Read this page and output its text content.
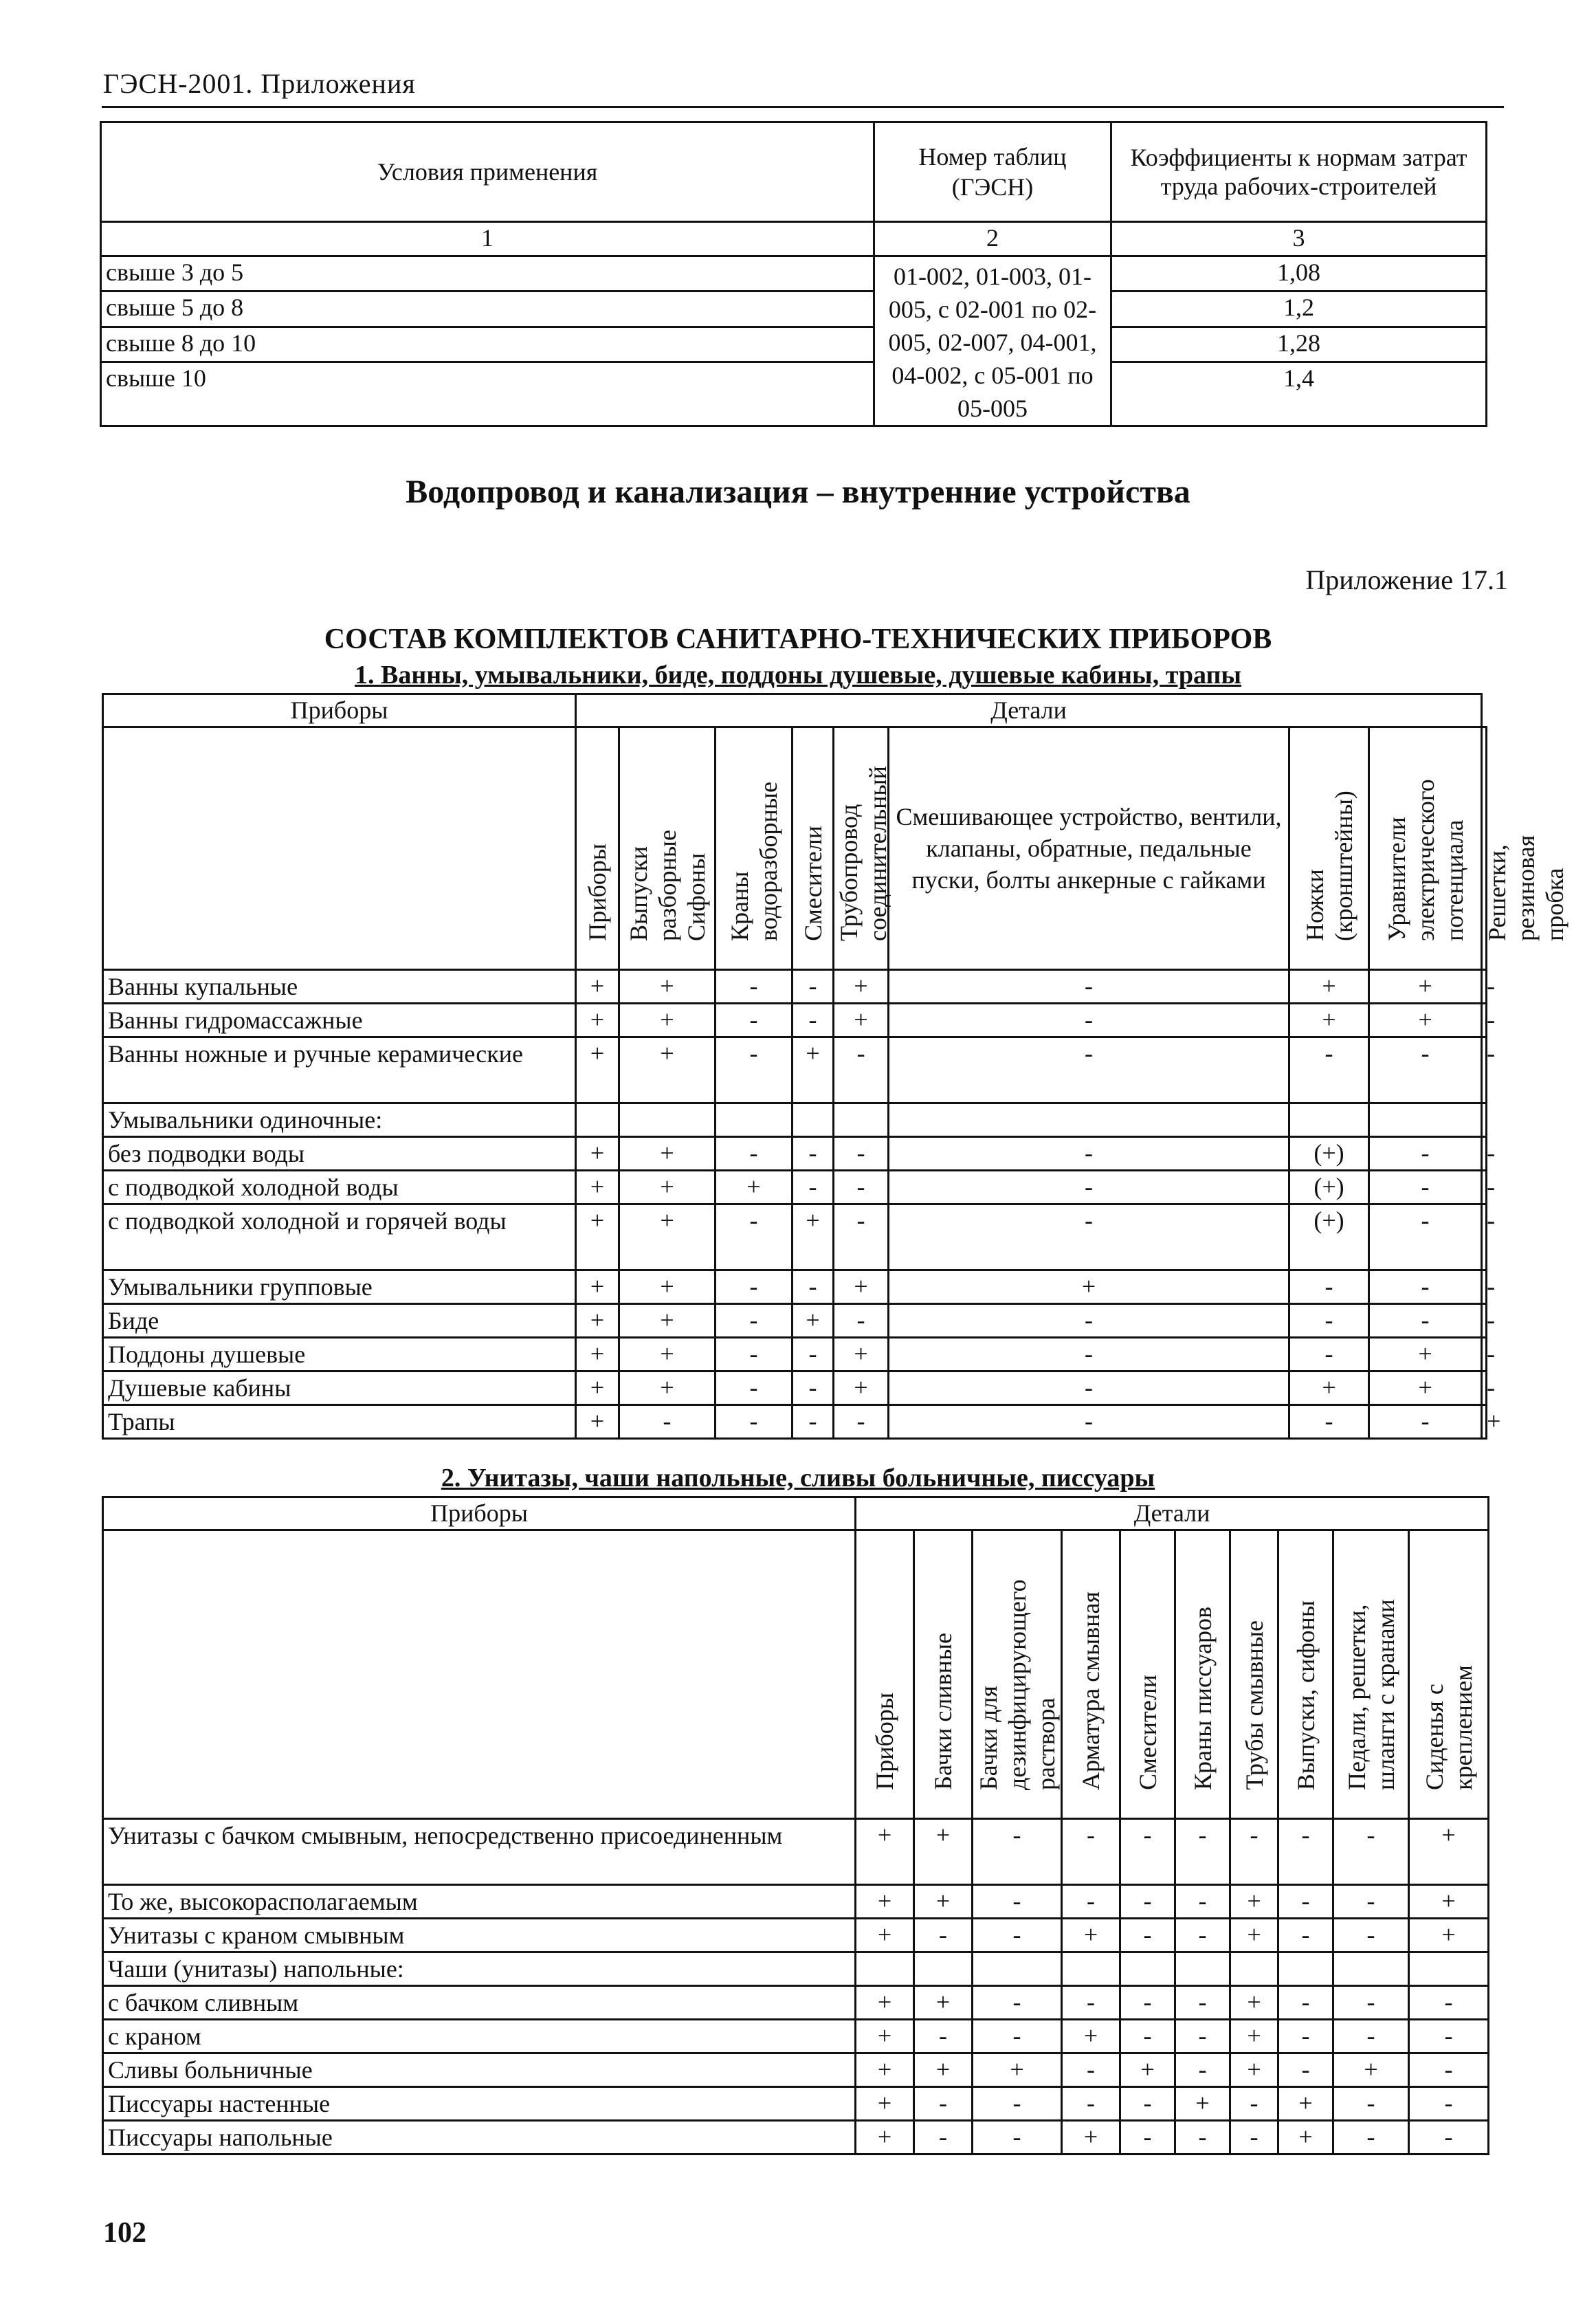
ГЭСН-2001. Приложения
Условия применения	Номер таблиц (ГЭСН)	Коэффициенты к нормам затрат труда рабочих-строителей
1	2	3
свыше 3 до 5	01-002, 01-003, 01-005, с 02-001 по 02-005, 02-007, 04-001, 04-002, с 05-001 по 05-005	1,08
свыше 5 до 8		1,2
свыше 8 до 10		1,28
свыше 10		1,4
Водопровод и канализация – внутренние устройства
Приложение 17.1
СОСТАВ КОМПЛЕКТОВ САНИТАРНО-ТЕХНИЧЕСКИХ ПРИБОРОВ
1. Ванны, умывальники, биде, поддоны душевые, душевые кабины, трапы
Приборы	Детали								
	Приборы	Выпуски разборные Сифоны	Краны водоразборные	Смесители	Трубопровод соединительный	Смешивающее устройство, вентили, клапаны, обратные, педальные пуски, болты анкерные с гайками	Ножки (кронштейны)	Уравнители электрического потенциала	Решетки, резиновая пробка
Ванны купальные	+	+	-	-	+	-	+	+	-
Ванны гидромассажные	+	+	-	-	+	-	+	+	-
Ванны ножные и ручные керамические	+	+	-	+	-	-	-	-	-
Умывальники одиночные:									
без подводки воды	+	+	-	-	-	-	(+)	-	-
с подводкой холодной воды	+	+	+	-	-	-	(+)	-	-
с подводкой холодной и горячей воды	+	+	-	+	-	-	(+)	-	-
Умывальники групповые	+	+	-	-	+	+	-	-	-
Биде	+	+	-	+	-	-	-	-	-
Поддоны душевые	+	+	-	-	+	-	-	+	-
Душевые кабины	+	+	-	-	+	-	+	+	-
Трапы	+	-	-	-	-	-	-	-	+
2. Унитазы, чаши напольные, сливы больничные, писсуары
Приборы	Детали									
	Приборы	Бачки сливные	Бачки для дезинфицирующего раствора	Арматура смывная	Смесители	Краны писсуаров	Трубы смывные	Выпуски, сифоны	Педали, решетки, шланги с кранами	Сиденья с креплением
Унитазы с бачком смывным, непосредственно присоединенным	+	+	-	-	-	-	-	-	-	+
То же, высокорасполагаемым	+	+	-	-	-	-	+	-	-	+
Унитазы с краном смывным	+	-	-	+	-	-	+	-	-	+
Чаши (унитазы) напольные:										
с бачком сливным	+	+	-	-	-	-	+	-	-	-
с краном	+	-	-	+	-	-	+	-	-	-
Сливы больничные	+	+	+	-	+	-	+	-	+	-
Писсуары настенные	+	-	-	-	-	+	-	+	-	-
Писсуары напольные	+	-	-	+	-	-	-	+	-	-
102
